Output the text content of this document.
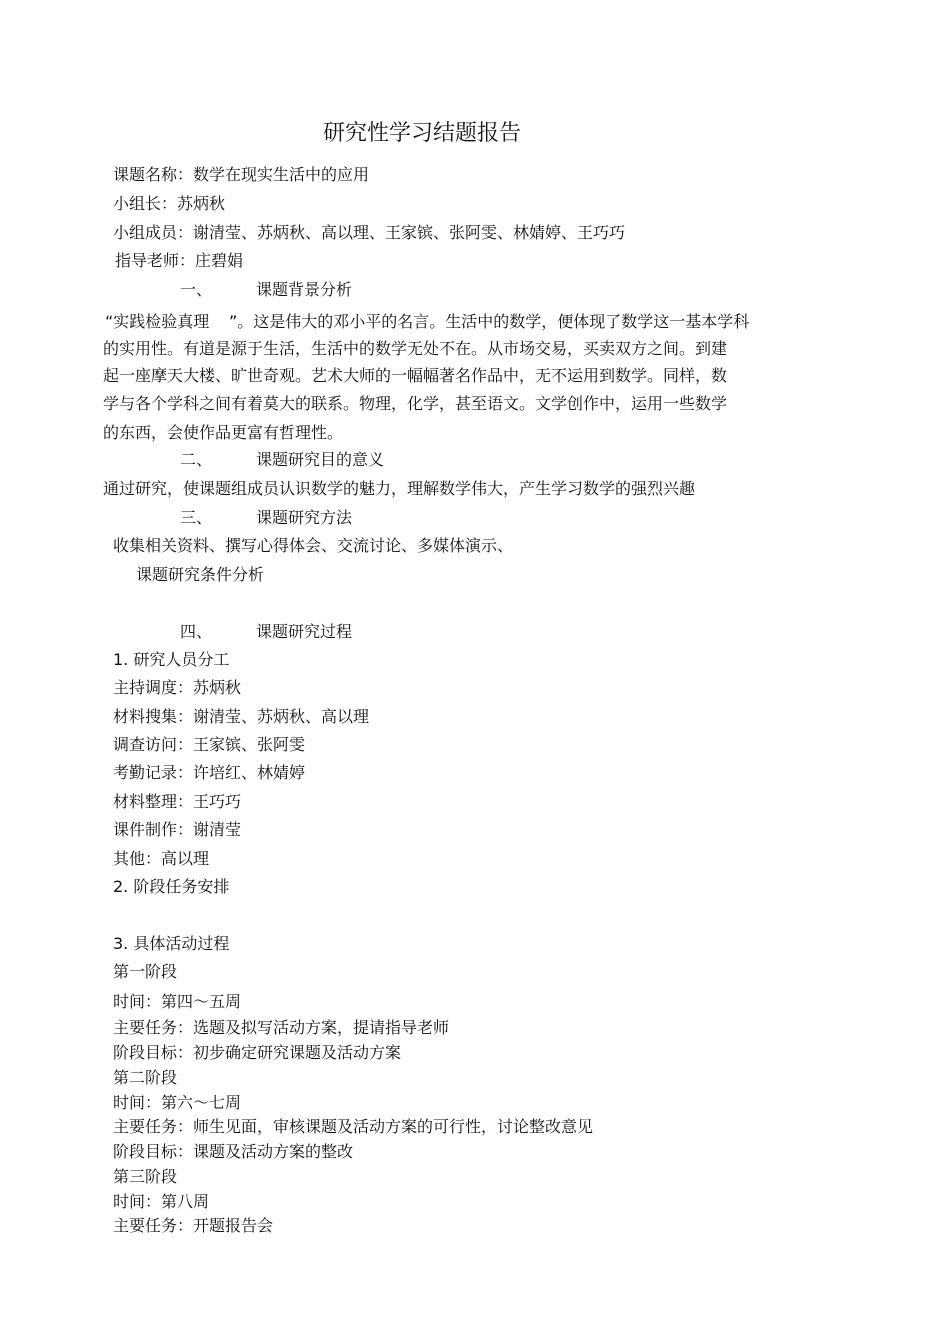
研究性学习结题报告
课题名称：数学在现实生活中的应用
小组长：苏炳秋
小组成员：谢清莹、苏炳秋、高以理、王家镔、张阿雯、林婧婷、王巧巧
指导老师：庄碧娟
一、	课题背景分析
“实践检验真理 ”。这是伟大的邓小平的名言。生活中的数学，便体现了数学这一基本学科
的实用性。有道是源于生活，生活中的数学无处不在。从市场交易，买卖双方之间。到建
起一座摩天大楼、旷世奇观。艺术大师的一幅幅著名作品中，无不运用到数学。同样，数
学与各个学科之间有着莫大的联系。物理，化学，甚至语文。文学创作中，运用一些数学
的东西，会使作品更富有哲理性。
二、	课题研究目的意义
通过研究，使课题组成员认识数学的魅力，理解数学伟大，产生学习数学的强烈兴趣
三、	课题研究方法
收集相关资料、撰写心得体会、交流讨论、多媒体演示、
课题研究条件分析
四、	课题研究过程
1. 研究人员分工
主持调度：苏炳秋
材料搜集：谢清莹、苏炳秋、高以理
调查访问：王家镔、张阿雯
考勤记录：许培红、林婧婷
材料整理：王巧巧
课件制作：谢清莹
其他：高以理
2. 阶段任务安排
3. 具体活动过程
第一阶段
时间：第四～五周
主要任务：选题及拟写活动方案，提请指导老师
阶段目标：初步确定研究课题及活动方案
第二阶段
时间：第六～七周
主要任务：师生见面，审核课题及活动方案的可行性，讨论整改意见
阶段目标：课题及活动方案的整改
第三阶段
时间：第八周
主要任务：开题报告会
